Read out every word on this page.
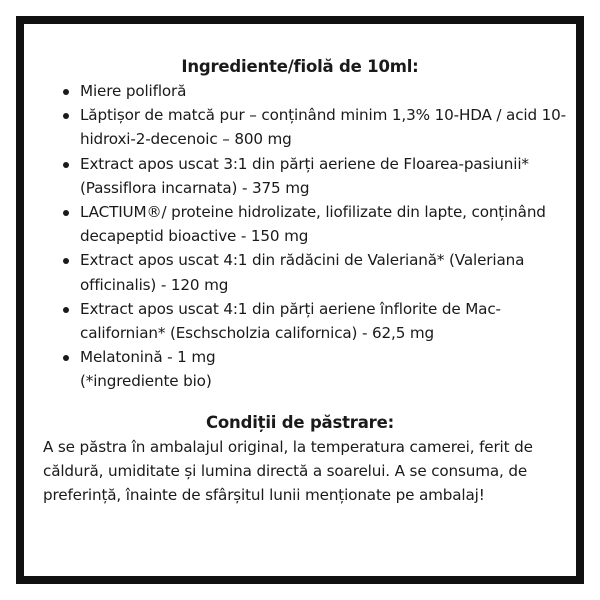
Ingrediente/fiolă de 10ml:
Miere polifloră
Lăptișor de matcă pur – conținând minim 1,3% 10-HDA / acid 10-hidroxi-2-decenoic – 800 mg
Extract apos uscat 3:1 din părți aeriene de Floarea-pasiunii* (Passiflora incarnata) - 375 mg
LACTIUM®/ proteine hidrolizate, liofilizate din lapte, conținând decapeptid bioactive - 150 mg
Extract apos uscat 4:1 din rădăcini de Valeriană* (Valeriana officinalis) - 120 mg
Extract apos uscat 4:1 din părți aeriene înflorite de Mac-californian* (Eschscholzia californica) - 62,5 mg
Melatonină - 1 mg
(*ingrediente bio)
Condiții de păstrare:

A se păstra în ambalajul original, la temperatura camerei, ferit de căldură, umiditate și lumina directă a soarelui. A se consuma, de preferință, înainte de sfârșitul lunii menționate pe ambalaj!
